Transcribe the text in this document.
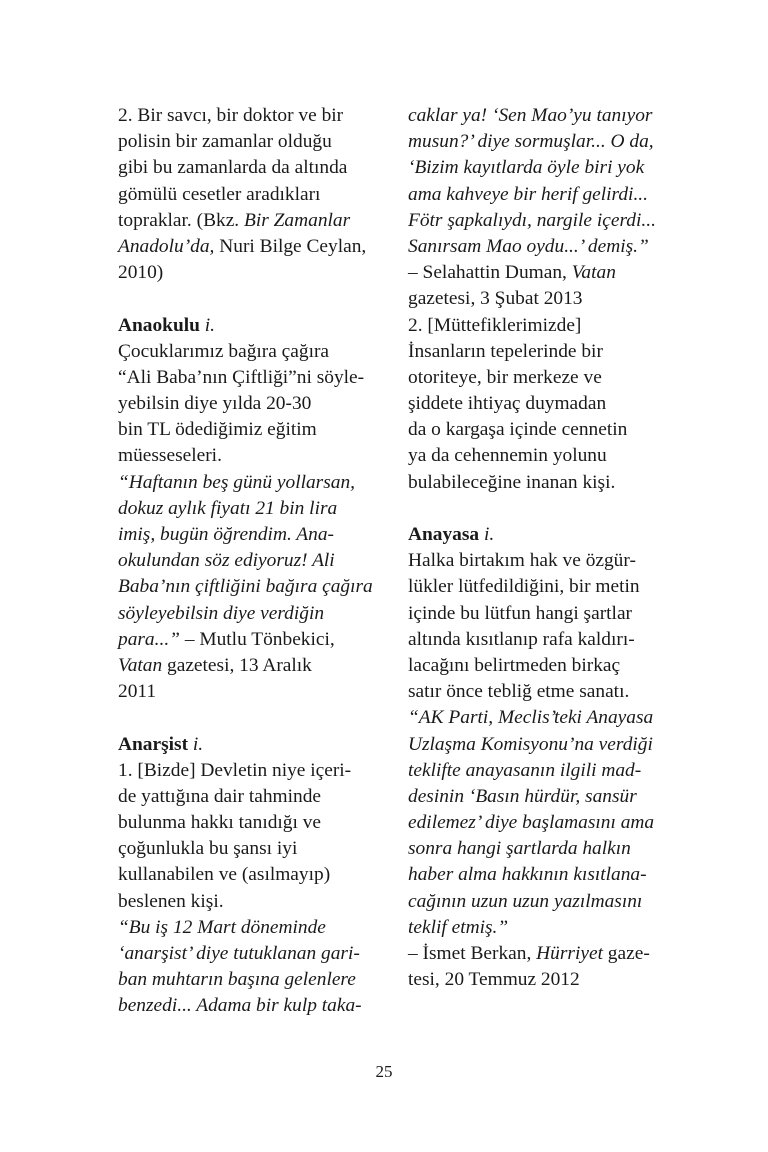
2. Bir savcı, bir doktor ve bir
polisin bir zamanlar olduğu
gibi bu zamanlarda da altında
gömülü cesetler aradıkları
topraklar. (Bkz. Bir Zamanlar
Anadolu’da, Nuri Bilge Ceylan,
2010)
Anaokulu i.
Çocuklarımız bağıra çağıra
“Ali Baba’nın Çiftliği”ni söyle-
yebilsin diye yılda 20-30
bin TL ödediğimiz eğitim
müesseseleri.
“Haftanın beş günü yollarsan,
dokuz aylık fiyatı 21 bin lira
imiş, bugün öğrendim. Ana-
okulundan söz ediyoruz! Ali
Baba’nın çiftliğini bağıra çağıra
söyleyebilsin diye verdiğin
para...” – Mutlu Tönbekici,
Vatan gazetesi, 13 Aralık
2011
Anarşist i.
1. [Bizde] Devletin niye içeri-
de yattığına dair tahminde
bulunma hakkı tanıdığı ve
çoğunlukla bu şansı iyi
kullanabilen ve (asılmayıp)
beslenen kişi.
“Bu iş 12 Mart döneminde
‘anarşist’ diye tutuklanan gari-
ban muhtarın başına gelenlere
benzedi... Adama bir kulp taka-
caklar ya! ‘Sen Mao’yu tanıyor
musun?’ diye sormuşlar... O da,
‘Bizim kayıtlarda öyle biri yok
ama kahveye bir herif gelirdi...
Fötr şapkalıydı, nargile içerdi...
Sanırsam Mao oydu...’ demiş.”
– Selahattin Duman, Vatan
gazetesi, 3 Şubat 2013
2. [Müttefiklerimizde]
İnsanların tepelerinde bir
otoriteye, bir merkeze ve
şiddete ihtiyaç duymadan
da o kargaşa içinde cennetin
ya da cehennemin yolunu
bulabileceğine inanan kişi.
Anayasa i.
Halka birtakım hak ve özgür-
lükler lütfedildiğini, bir metin
içinde bu lütfun hangi şartlar
altında kısıtlanıp rafa kaldırı-
lacağını belirtmeden birkaç
satır önce tebliğ etme sanatı.
“AK Parti, Meclis’teki Anayasa
Uzlaşma Komisyonu’na verdiği
teklifte anayasanın ilgili mad-
desinin ‘Basın hürdür, sansür
edilemez’ diye başlamasını ama
sonra hangi şartlarda halkın
haber alma hakkının kısıtlana-
cağının uzun uzun yazılmasını
teklif etmiş.”
– İsmet Berkan, Hürriyet gaze-
tesi, 20 Temmuz 2012
25
